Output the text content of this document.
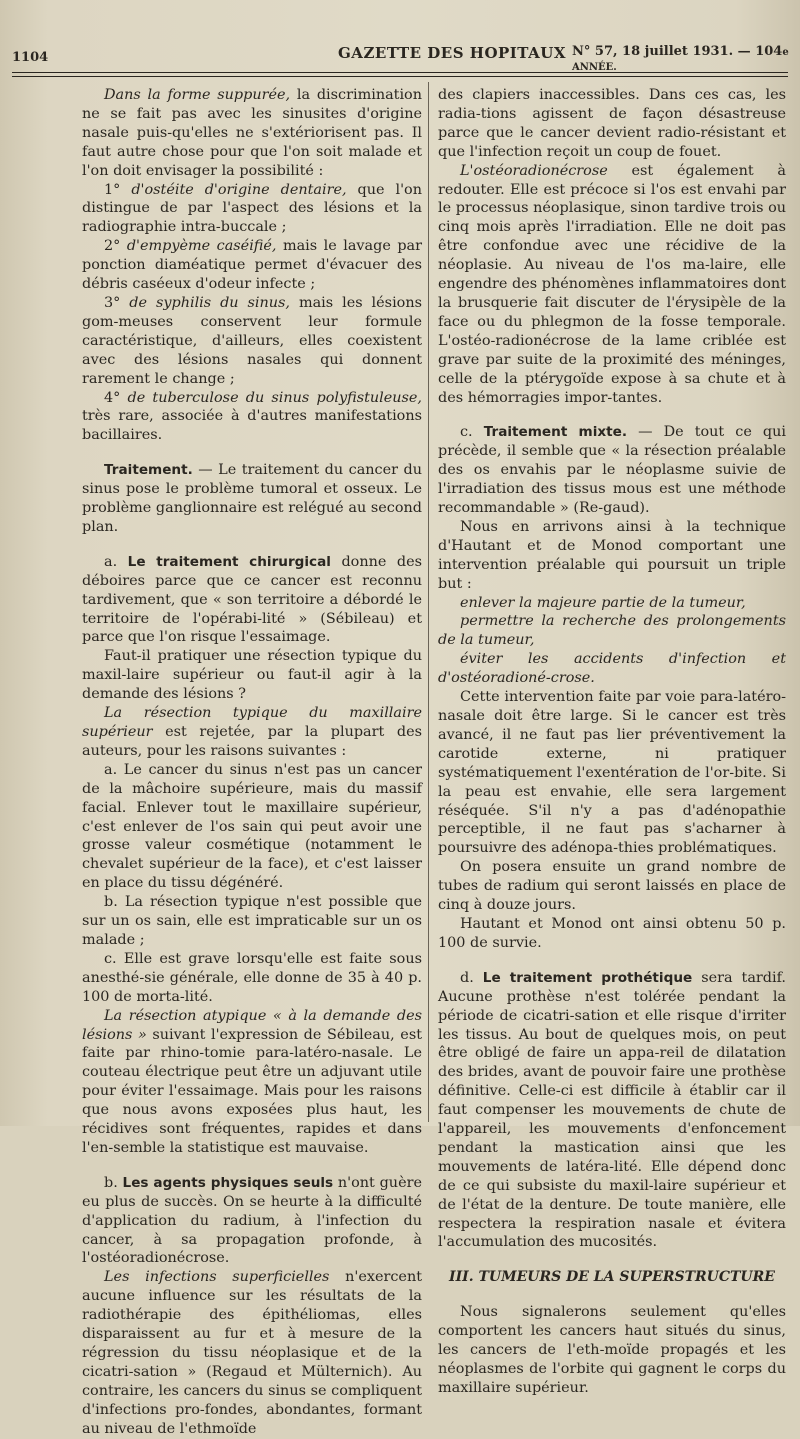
1104	GAZETTE DES HOPITAUX N° 57, 18 juillet 1931. — 104e ANNÉE.

Dans la forme suppurée, la discrimination ne se fait pas avec les sinusites d'origine nasale puis-qu'elles ne s'extériorisent pas. Il faut autre chose pour que l'on soit malade et l'on doit envisager la possibilité :

1° d'ostéite d'origine dentaire, que l'on distingue de par l'aspect des lésions et la radiographie intra-buccale ;

2° d'empyème caséifié, mais le lavage par ponction diaméatique permet d'évacuer des débris caséeux d'odeur infecte ;

3° de syphilis du sinus, mais les lésions gom-meuses conservent leur formule caractéristique, d'ailleurs, elles coexistent avec des lésions nasales qui donnent rarement le change ;

4° de tuberculose du sinus polyfistuleuse, très rare, associée à d'autres manifestations bacillaires.

Traitement. — Le traitement du cancer du sinus pose le problème tumoral et osseux. Le problème ganglionnaire est relégué au second plan.

a. Le traitement chirurgical donne des déboires parce que ce cancer est reconnu tardivement, que « son territoire a débordé le territoire de l'opérabi-lité » (Sébileau) et parce que l'on risque l'essaimage.

Faut-il pratiquer une résection typique du maxil-laire supérieur ou faut-il agir à la demande des lésions ?

La résection typique du maxillaire supérieur est rejetée, par la plupart des auteurs, pour les raisons suivantes :

a. Le cancer du sinus n'est pas un cancer de la mâchoire supérieure, mais du massif facial. Enlever tout le maxillaire supérieur, c'est enlever de l'os sain qui peut avoir une grosse valeur cosmétique (notamment le chevalet supérieur de la face), et c'est laisser en place du tissu dégénéré.

b. La résection typique n'est possible que sur un os sain, elle est impraticable sur un os malade ;

c. Elle est grave lorsqu'elle est faite sous anesthé-sie générale, elle donne de 35 à 40 p. 100 de morta-lité.

La résection atypique « à la demande des lésions » suivant l'expression de Sébileau, est faite par rhino-tomie para-latéro-nasale. Le couteau électrique peut être un adjuvant utile pour éviter l'essaimage. Mais pour les raisons que nous avons exposées plus haut, les récidives sont fréquentes, rapides et dans l'en-semble la statistique est mauvaise.

b. Les agents physiques seuls n'ont guère eu plus de succès. On se heurte à la difficulté d'application du radium, à l'infection du cancer, à sa propagation profonde, à l'ostéoradionécrose.

Les infections superficielles n'exercent aucune influence sur les résultats de la radiothérapie des épithéliomas, elles disparaissent au fur et à mesure de la régression du tissu néoplasique et de la cicatri-sation » (Regaud et Mülternich). Au contraire, les cancers du sinus se compliquent d'infections pro-fondes, abondantes, formant au niveau de l'ethmoïde

des clapiers inaccessibles. Dans ces cas, les radia-tions agissent de façon désastreuse parce que le cancer devient radio-résistant et que l'infection reçoit un coup de fouet.

L'ostéoradionécrose est également à redouter. Elle est précoce si l'os est envahi par le processus néoplasique, sinon tardive trois ou cinq mois après l'irradiation. Elle ne doit pas être confondue avec une récidive de la néoplasie. Au niveau de l'os ma-laire, elle engendre des phénomènes inflammatoires dont la brusquerie fait discuter de l'érysipèle de la face ou du phlegmon de la fosse temporale. L'ostéo-radionécrose de la lame criblée est grave par suite de la proximité des méninges, celle de la ptérygoïde expose à sa chute et à des hémorragies impor-tantes.

c. Traitement mixte. — De tout ce qui précède, il semble que « la résection préalable des os envahis par le néoplasme suivie de l'irradiation des tissus mous est une méthode recommandable » (Re-gaud).

Nous en arrivons ainsi à la technique d'Hautant et de Monod comportant une intervention préalable qui poursuit un triple but :

enlever la majeure partie de la tumeur,

permettre la recherche des prolongements de la tumeur,

éviter les accidents d'infection et d'ostéoradioné-crose.

Cette intervention faite par voie para-latéro-nasale doit être large. Si le cancer est très avancé, il ne faut pas lier préventivement la carotide externe, ni pratiquer systématiquement l'exentération de l'or-bite. Si la peau est envahie, elle sera largement réséquée. S'il n'y a pas d'adénopathie perceptible, il ne faut pas s'acharner à poursuivre des adénopa-thies problématiques.

On posera ensuite un grand nombre de tubes de radium qui seront laissés en place de cinq à douze jours.

Hautant et Monod ont ainsi obtenu 50 p. 100 de survie.

d. Le traitement prothétique sera tardif. Aucune prothèse n'est tolérée pendant la période de cicatri-sation et elle risque d'irriter les tissus. Au bout de quelques mois, on peut être obligé de faire un appa-reil de dilatation des brides, avant de pouvoir faire une prothèse définitive. Celle-ci est difficile à établir car il faut compenser les mouvements de chute de l'appareil, les mouvements d'enfoncement pendant la mastication ainsi que les mouvements de latéra-lité. Elle dépend donc de ce qui subsiste du maxil-laire supérieur et de l'état de la denture. De toute manière, elle respectera la respiration nasale et évitera l'accumulation des mucosités.

III. TUMEURS DE LA SUPERSTRUCTURE

Nous signalerons seulement qu'elles comportent les cancers haut situés du sinus, les cancers de l'eth-moïde propagés et les néoplasmes de l'orbite qui gagnent le corps du maxillaire supérieur.
